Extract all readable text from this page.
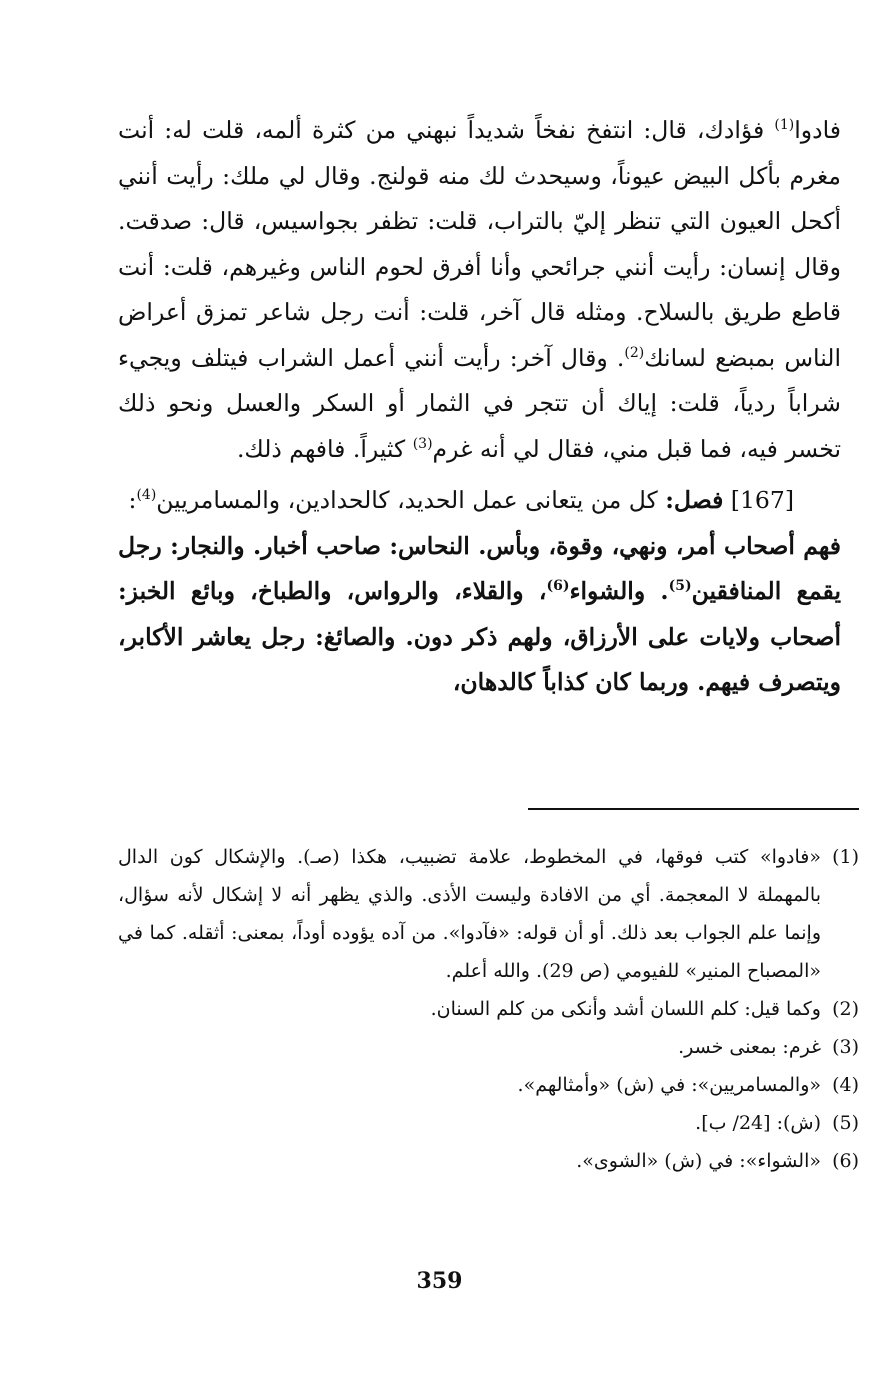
فادوا$^{(1)}$ فؤادك، قال: انتفخ نفخاً شديداً نبهني من كثرة ألمه، قلت له: أنت مغرم بأكل البيض عيوناً، وسيحدث لك منه قولنج. وقال لي ملك: رأيت أنني أكحل العيون التي تنظر إليّ بالتراب، قلت: تظفر بجواسيس، قال: صدقت. وقال إنسان: رأيت أنني جرائحي وأنا أفرق لحوم الناس وغيرهم، قلت: أنت قاطع طريق بالسلاح. ومثله قال آخر، قلت: أنت رجل شاعر تمزق أعراض الناس بمبضع لسانك$^{(2)}$. وقال آخر: رأيت أنني أعمل الشراب فيتلف ويجيء شراباً ردياً، قلت: إياك أن تتجر في الثمار أو السكر والعسل ونحو ذلك تخسر فيه، فما قبل مني، فقال لي أنه غرم$^{(3)}$ كثيراً. فافهم ذلك.

  [167] فصل: كل من يتعانى عمل الحديد، كالحدادين، والمسامريين$^{(4)}$:

فهم أصحاب أمر، ونهي، وقوة، وبأس. النحاس: صاحب أخبار. والنجار: رجل يقمع المنافقين$^{(5)}$. والشواء$^{(6)}$، والقلاء، والرواس، والطباخ، وبائع الخبز: أصحاب ولايات على الأرزاق، ولهم ذكر دون. والصائغ: رجل يعاشر الأكابر، ويتصرف فيهم. وربما كان كذاباً كالدهان،

(1)
«فادوا» كتب فوقها، في المخطوط، علامة تضبيب، هكذا (صـ). والإشكال كون الدال بالمهملة لا المعجمة. أي من الافادة وليست الأذى. والذي يظهر أنه لا إشكال لأنه سؤال، وإنما علم الجواب بعد ذلك. أو أن قوله: «فآدوا». من آده يؤوده أوداً، بمعنى: أثقله. كما في «المصباح المنير» للفيومي (ص 29). والله أعلم.
(2)
وكما قيل: كلم اللسان أشد وأنكى من كلم السنان.
(3)
غرم: بمعنى خسر.
(4)
«والمسامريين»: في (ش) «وأمثالهم».
(5)
(ش): [24/ ب].
(6)
«الشواء»: في (ش) «الشوى».
359
